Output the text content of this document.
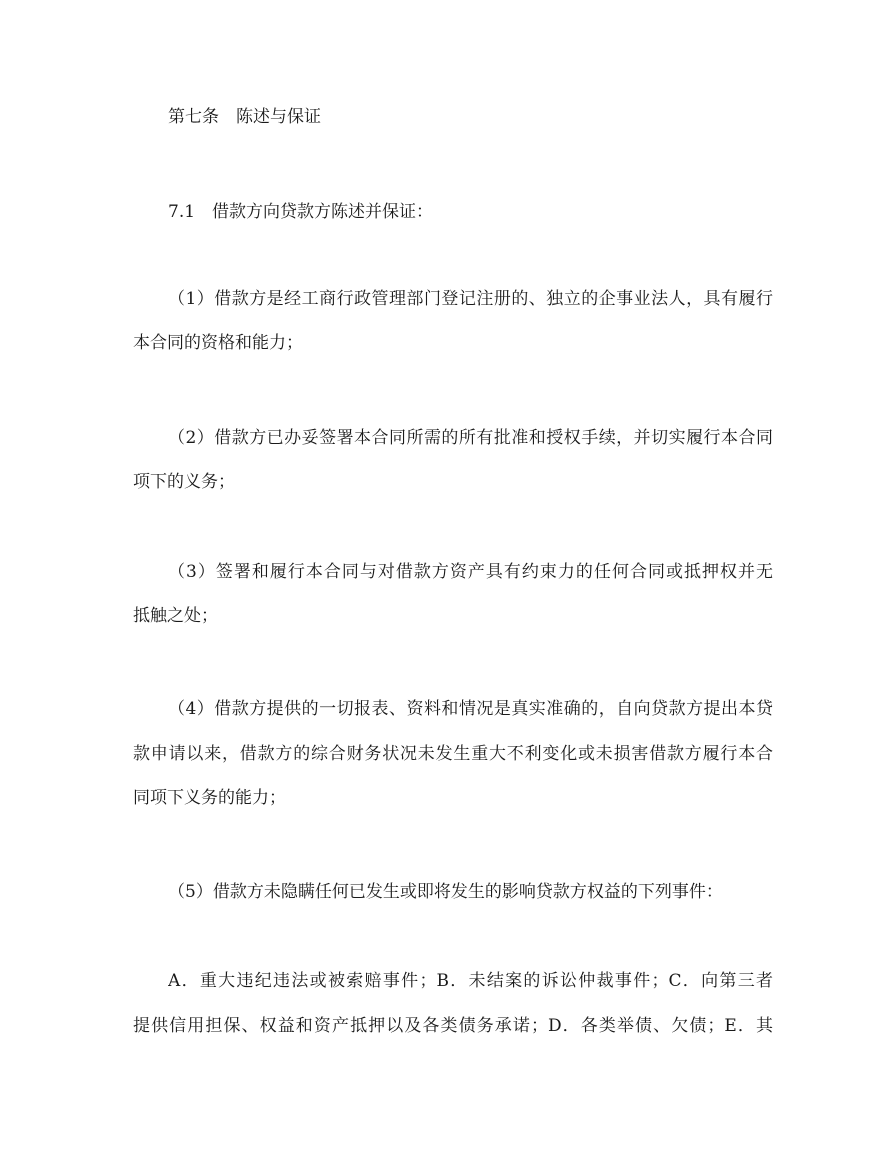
第七条　陈述与保证
7.1　借款方向贷款方陈述并保证：
（1）借款方是经工商行政管理部门登记注册的、独立的企事业法人，具有履行
本合同的资格和能力；
（2）借款方已办妥签署本合同所需的所有批准和授权手续，并切实履行本合同
项下的义务；
（3）签署和履行本合同与对借款方资产具有约束力的任何合同或抵押权并无
抵触之处；
（4）借款方提供的一切报表、资料和情况是真实准确的，自向贷款方提出本贷
款申请以来，借款方的综合财务状况未发生重大不利变化或未损害借款方履行本合
同项下义务的能力；
（5）借款方未隐瞒任何已发生或即将发生的影响贷款方权益的下列事件：
A．重大违纪违法或被索赔事件；B．未结案的诉讼仲裁事件；C．向第三者
提供信用担保、权益和资产抵押以及各类债务承诺；D．各类举债、欠债；E．其
